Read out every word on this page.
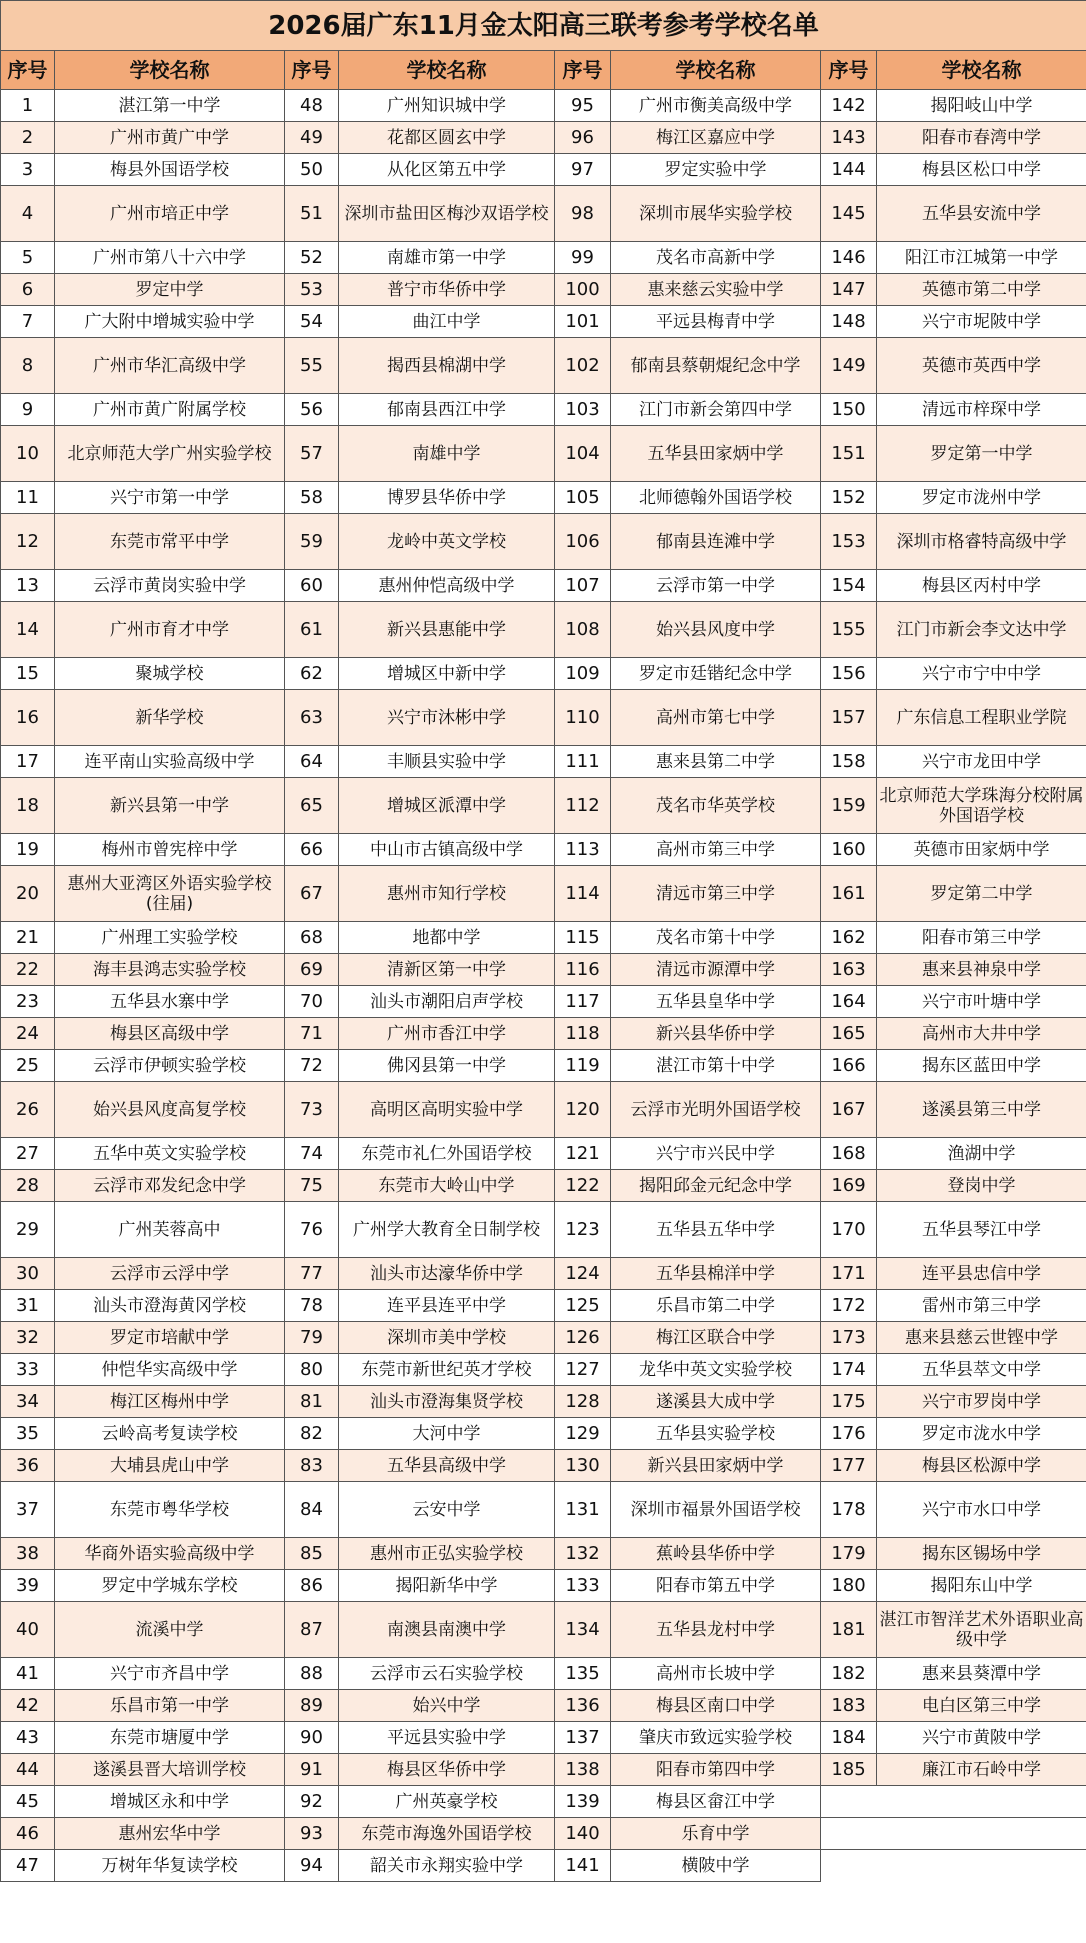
2026届广东11月金太阳高三联考参考学校名单							
序号	学校名称	序号	学校名称	序号	学校名称	序号	学校名称
1	湛江第一中学	48	广州知识城中学	95	广州市衡美高级中学	142	揭阳岐山中学
2	广州市黄广中学	49	花都区圆玄中学	96	梅江区嘉应中学	143	阳春市春湾中学
3	梅县外国语学校	50	从化区第五中学	97	罗定实验中学	144	梅县区松口中学
4	广州市培正中学	51	深圳市盐田区梅沙双语学校	98	深圳市展华实验学校	145	五华县安流中学
5	广州市第八十六中学	52	南雄市第一中学	99	茂名市高新中学	146	阳江市江城第一中学
6	罗定中学	53	普宁市华侨中学	100	惠来慈云实验中学	147	英德市第二中学
7	广大附中增城实验中学	54	曲江中学	101	平远县梅青中学	148	兴宁市坭陂中学
8	广州市华汇高级中学	55	揭西县棉湖中学	102	郁南县蔡朝焜纪念中学	149	英德市英西中学
9	广州市黄广附属学校	56	郁南县西江中学	103	江门市新会第四中学	150	清远市梓琛中学
10	北京师范大学广州实验学校	57	南雄中学	104	五华县田家炳中学	151	罗定第一中学
11	兴宁市第一中学	58	博罗县华侨中学	105	北师德翰外国语学校	152	罗定市泷州中学
12	东莞市常平中学	59	龙岭中英文学校	106	郁南县连滩中学	153	深圳市格睿特高级中学
13	云浮市黄岗实验中学	60	惠州仲恺高级中学	107	云浮市第一中学	154	梅县区丙村中学
14	广州市育才中学	61	新兴县惠能中学	108	始兴县风度中学	155	江门市新会李文达中学
15	聚城学校	62	增城区中新中学	109	罗定市廷锴纪念中学	156	兴宁市宁中中学
16	新华学校	63	兴宁市沐彬中学	110	高州市第七中学	157	广东信息工程职业学院
17	连平南山实验高级中学	64	丰顺县实验中学	111	惠来县第二中学	158	兴宁市龙田中学
18	新兴县第一中学	65	增城区派潭中学	112	茂名市华英学校	159	北京师范大学珠海分校附属外国语学校
19	梅州市曾宪梓中学	66	中山市古镇高级中学	113	高州市第三中学	160	英德市田家炳中学
20	惠州大亚湾区外语实验学校(往届)	67	惠州市知行学校	114	清远市第三中学	161	罗定第二中学
21	广州理工实验学校	68	地都中学	115	茂名市第十中学	162	阳春市第三中学
22	海丰县鸿志实验学校	69	清新区第一中学	116	清远市源潭中学	163	惠来县神泉中学
23	五华县水寨中学	70	汕头市潮阳启声学校	117	五华县皇华中学	164	兴宁市叶塘中学
24	梅县区高级中学	71	广州市香江中学	118	新兴县华侨中学	165	高州市大井中学
25	云浮市伊顿实验学校	72	佛冈县第一中学	119	湛江市第十中学	166	揭东区蓝田中学
26	始兴县风度高复学校	73	高明区高明实验中学	120	云浮市光明外国语学校	167	遂溪县第三中学
27	五华中英文实验学校	74	东莞市礼仁外国语学校	121	兴宁市兴民中学	168	渔湖中学
28	云浮市邓发纪念中学	75	东莞市大岭山中学	122	揭阳邱金元纪念中学	169	登岗中学
29	广州芙蓉高中	76	广州学大教育全日制学校	123	五华县五华中学	170	五华县琴江中学
30	云浮市云浮中学	77	汕头市达濠华侨中学	124	五华县棉洋中学	171	连平县忠信中学
31	汕头市澄海黄冈学校	78	连平县连平中学	125	乐昌市第二中学	172	雷州市第三中学
32	罗定市培献中学	79	深圳市美中学校	126	梅江区联合中学	173	惠来县慈云世铿中学
33	仲恺华实高级中学	80	东莞市新世纪英才学校	127	龙华中英文实验学校	174	五华县萃文中学
34	梅江区梅州中学	81	汕头市澄海集贤学校	128	遂溪县大成中学	175	兴宁市罗岗中学
35	云岭高考复读学校	82	大河中学	129	五华县实验学校	176	罗定市泷水中学
36	大埔县虎山中学	83	五华县高级中学	130	新兴县田家炳中学	177	梅县区松源中学
37	东莞市粤华学校	84	云安中学	131	深圳市福景外国语学校	178	兴宁市水口中学
38	华商外语实验高级中学	85	惠州市正弘实验学校	132	蕉岭县华侨中学	179	揭东区锡场中学
39	罗定中学城东学校	86	揭阳新华中学	133	阳春市第五中学	180	揭阳东山中学
40	流溪中学	87	南澳县南澳中学	134	五华县龙村中学	181	湛江市智洋艺术外语职业高级中学
41	兴宁市齐昌中学	88	云浮市云石实验学校	135	高州市长坡中学	182	惠来县葵潭中学
42	乐昌市第一中学	89	始兴中学	136	梅县区南口中学	183	电白区第三中学
43	东莞市塘厦中学	90	平远县实验中学	137	肇庆市致远实验学校	184	兴宁市黄陂中学
44	遂溪县晋大培训学校	91	梅县区华侨中学	138	阳春市第四中学	185	廉江市石岭中学
45	增城区永和中学	92	广州英豪学校	139	梅县区畲江中学		
46	惠州宏华中学	93	东莞市海逸外国语学校	140	乐育中学		
47	万树年华复读学校	94	韶关市永翔实验中学	141	横陂中学		
